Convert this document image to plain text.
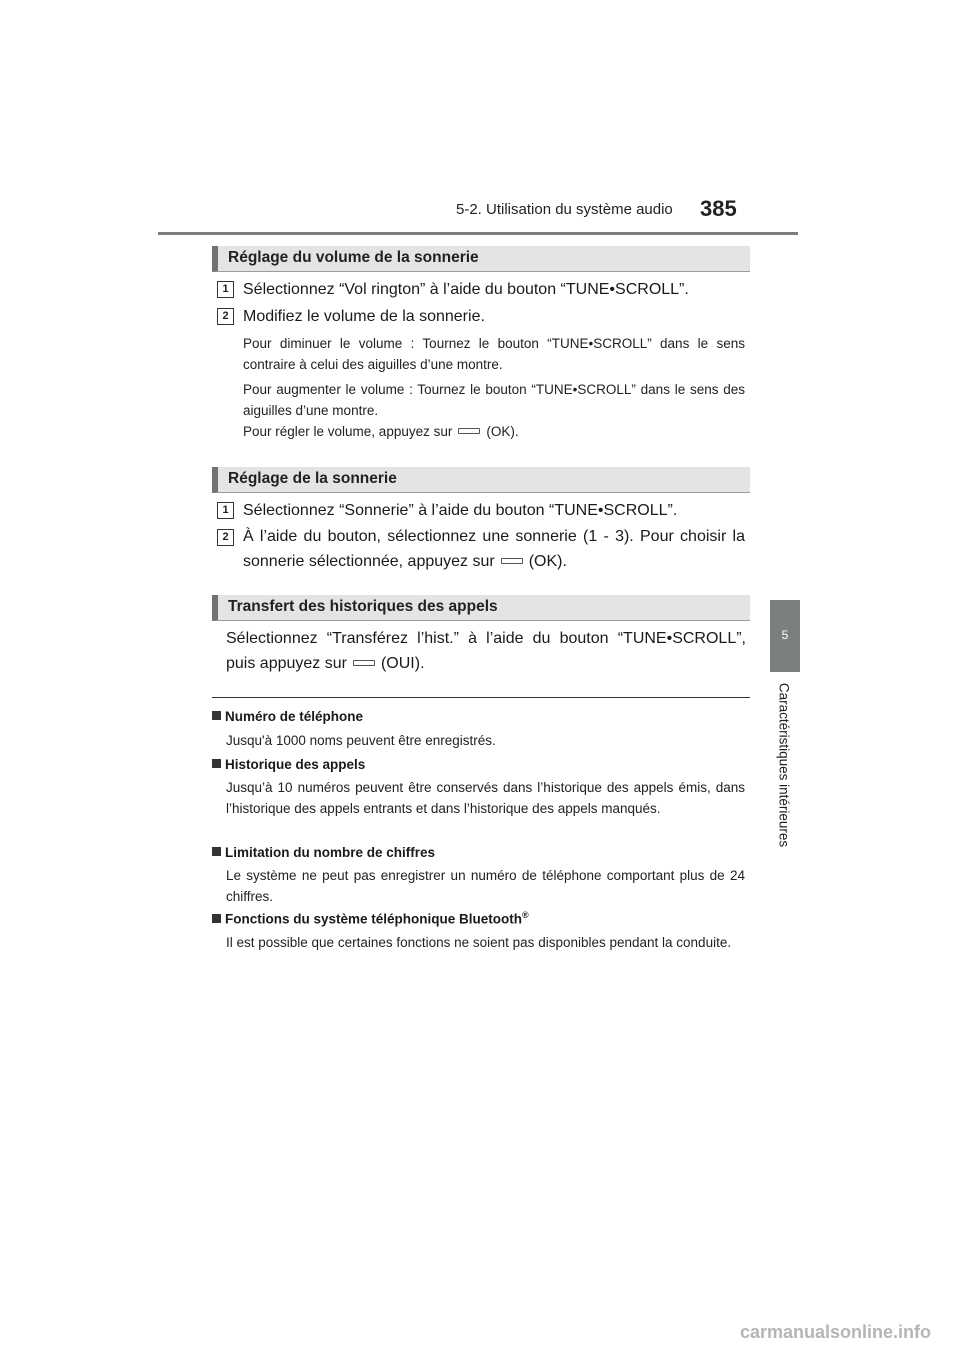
5-2. Utilisation du système audio 385
5
Caractéristiques intérieures
Réglage du volume de la sonnerie
1 Sélectionnez “Vol rington” à l’aide du bouton “TUNE•SCROLL”.
2 Modifiez le volume de la sonnerie.
Pour diminuer le volume : Tournez le bouton “TUNE•SCROLL” dans le sens contraire à celui des aiguilles d’une montre.
Pour augmenter le volume : Tournez le bouton “TUNE•SCROLL” dans le sens des aiguilles d’une montre.
Pour régler le volume, appuyez sur	(OK).
Réglage de la sonnerie
1 Sélectionnez “Sonnerie” à l’aide du bouton “TUNE•SCROLL”.
2 À l’aide du bouton, sélectionnez une sonnerie (1 - 3). Pour choisir la sonnerie sélectionnée, appuyez sur (OK).
Transfert des historiques des appels
Sélectionnez “Transférez l’hist.” à l’aide du bouton “TUNE•SCROLL”, puis appuyez sur (OUI).
Numéro de téléphone
Jusqu'à 1000 noms peuvent être enregistrés.
Historique des appels
Jusqu’à 10 numéros peuvent être conservés dans l’historique des appels émis, dans l’historique des appels entrants et dans l’historique des appels manqués.
Limitation du nombre de chiffres
Le système ne peut pas enregistrer un numéro de téléphone comportant plus de 24 chiffres.
Fonctions du système téléphonique Bluetooth®
Il est possible que certaines fonctions ne soient pas disponibles pendant la conduite.
carmanualsonline.info
